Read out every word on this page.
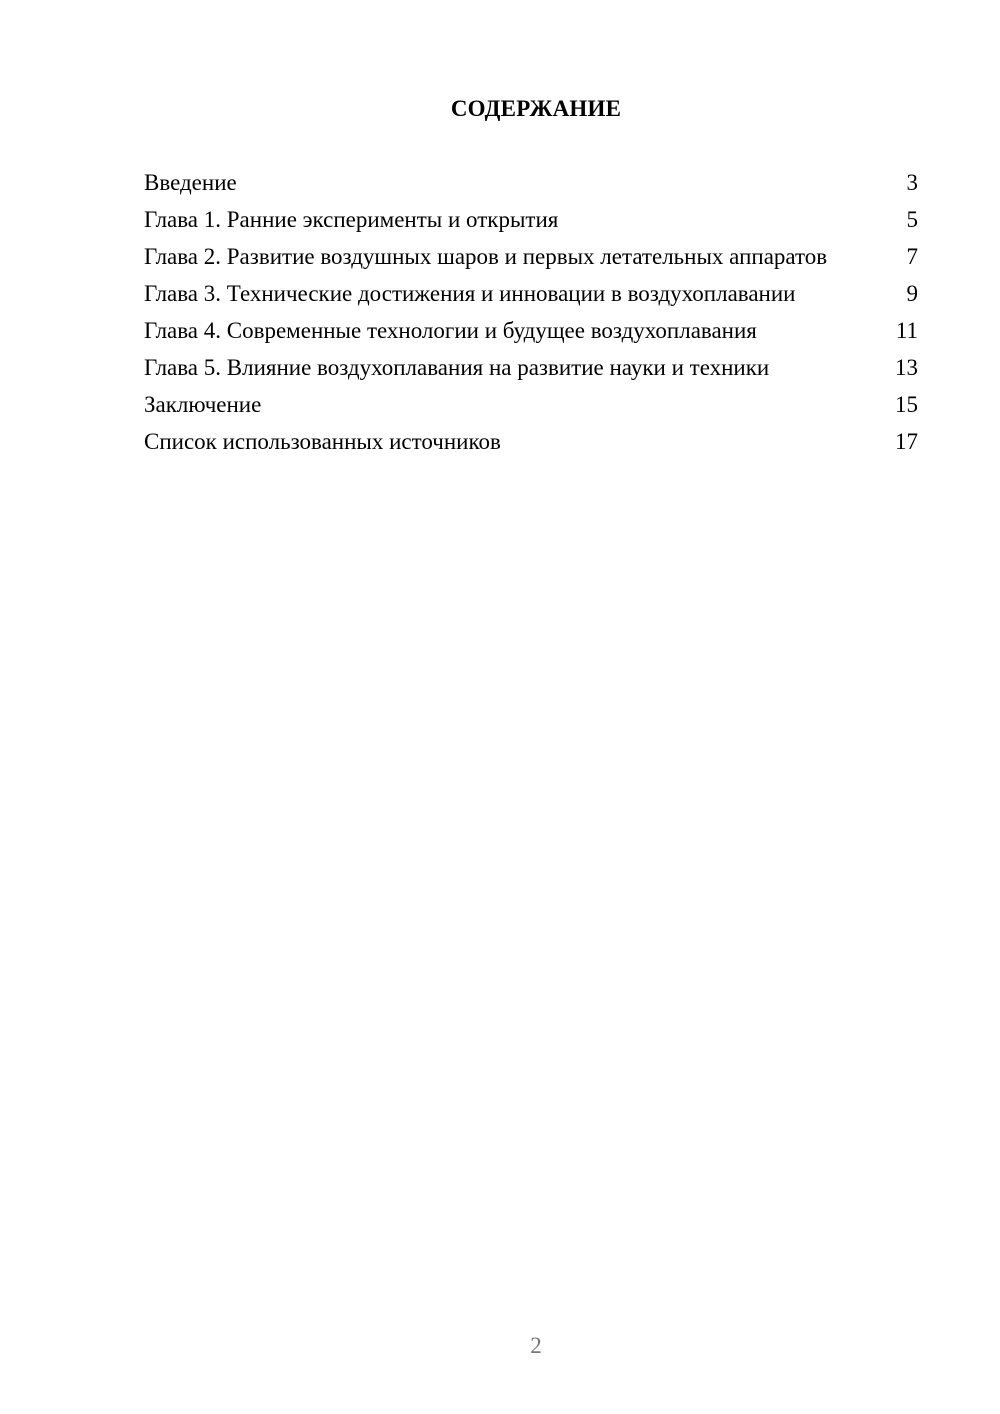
СОДЕРЖАНИЕ
Введение	3
Глава 1. Ранние эксперименты и открытия	5
Глава 2. Развитие воздушных шаров и первых летательных аппаратов	7
Глава 3. Технические достижения и инновации в воздухоплавании	9
Глава 4. Современные технологии и будущее воздухоплавания	11
Глава 5. Влияние воздухоплавания на развитие науки и техники	13
Заключение	15
Список использованных источников	17
2
